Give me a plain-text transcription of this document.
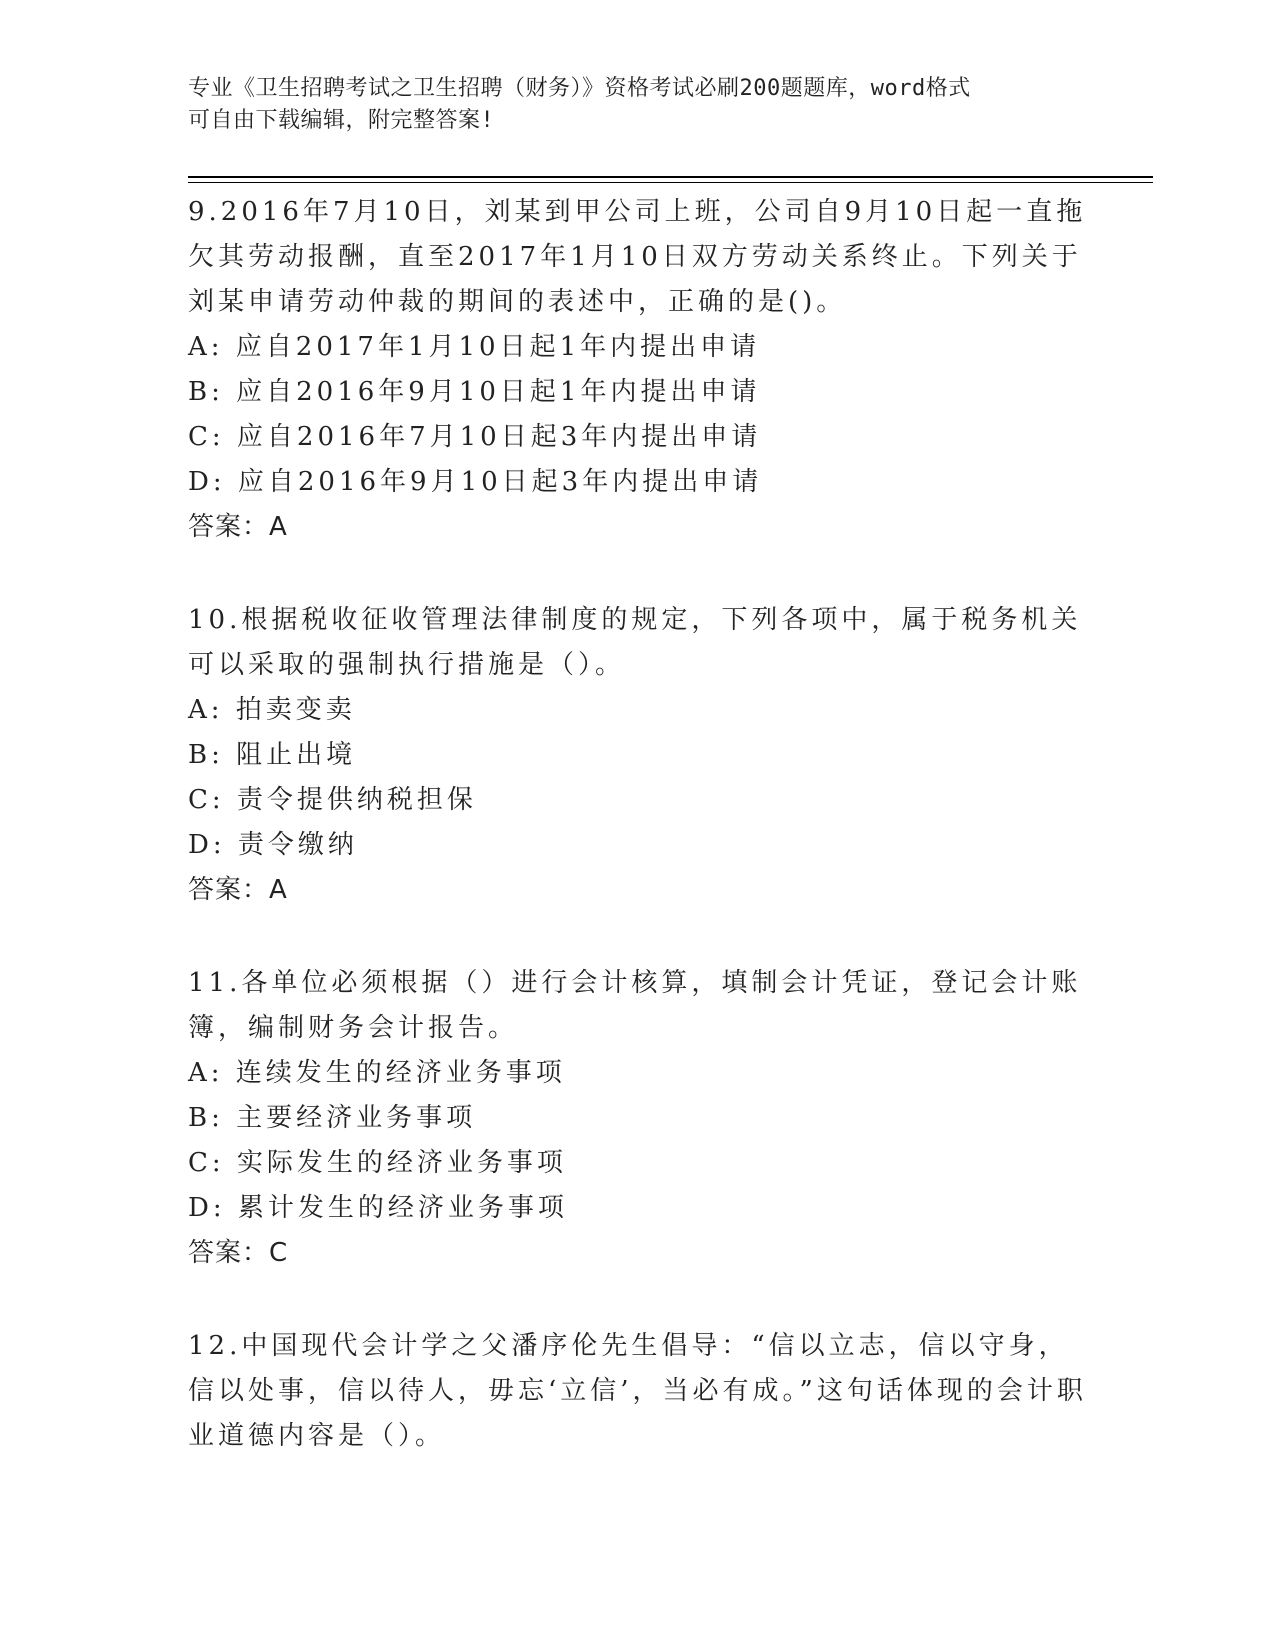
专业《卫生招聘考试之卫生招聘（财务）》资格考试必刷200题题库，word格式
可自由下载编辑，附完整答案!
9.2016年7月10日，刘某到甲公司上班，公司自9月10日起一直拖欠其劳动报酬，直至2017年1月10日双方劳动关系终止。下列关于刘某申请劳动仲裁的期间的表述中，正确的是()。
A: 应自2017年1月10日起1年内提出申请
B: 应自2016年9月10日起1年内提出申请
C: 应自2016年7月10日起3年内提出申请
D: 应自2016年9月10日起3年内提出申请
答案：A
10.根据税收征收管理法律制度的规定，下列各项中，属于税务机关可以采取的强制执行措施是（）。
A: 拍卖变卖
B: 阻止出境
C: 责令提供纳税担保
D: 责令缴纳
答案：A
11.各单位必须根据（）进行会计核算，填制会计凭证，登记会计账簿，编制财务会计报告。
A: 连续发生的经济业务事项
B: 主要经济业务事项
C: 实际发生的经济业务事项
D: 累计发生的经济业务事项
答案：C
12.中国现代会计学之父潘序伦先生倡导：“信以立志，信以守身，信以处事，信以待人，毋忘‘立信’，当必有成。”这句话体现的会计职业道德内容是（）。
